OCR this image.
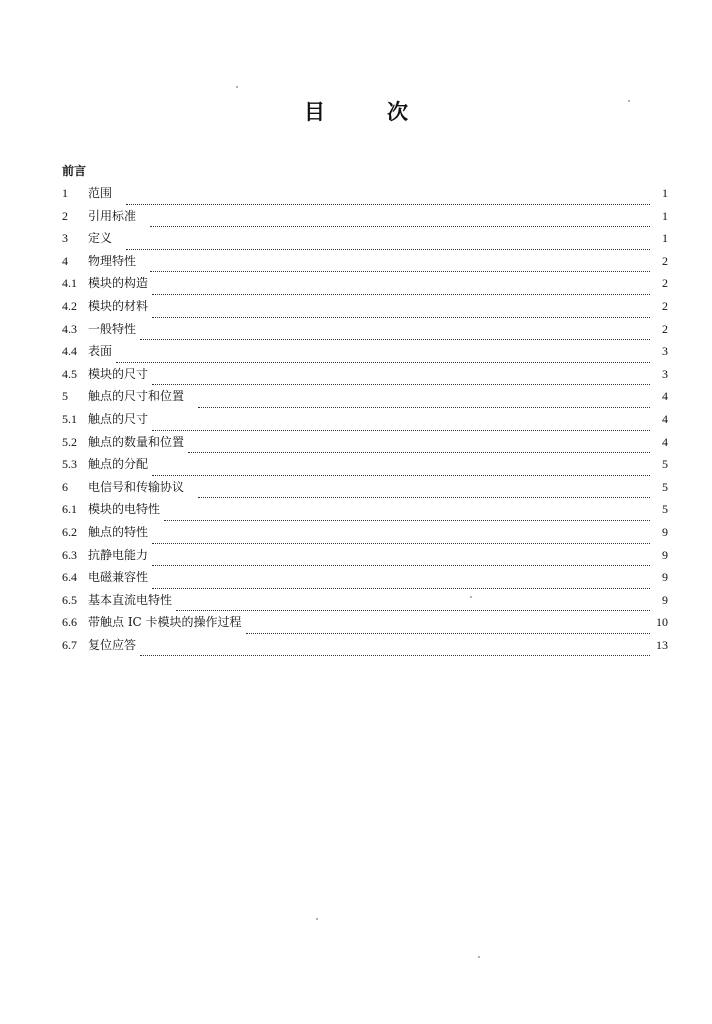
目	次
前言
1	范围	1
2	引用标准	1
3	定义	1
4	物理特性	2
4.1 模块的构造	2
4.2 模块的材料	2
4.3 一般特性	2
4.4 表面	3
4.5 模块的尺寸	3
5	触点的尺寸和位置	4
5.1 触点的尺寸	4
5.2 触点的数量和位置	4
5.3 触点的分配	5
6	电信号和传输协议	5
6.1 模块的电特性	5
6.2 触点的特性	9
6.3 抗静电能力	9
6.4 电磁兼容性	9
6.5 基本直流电特性	9
6.6 带触点 IC 卡模块的操作过程	10
6.7 复位应答	13
